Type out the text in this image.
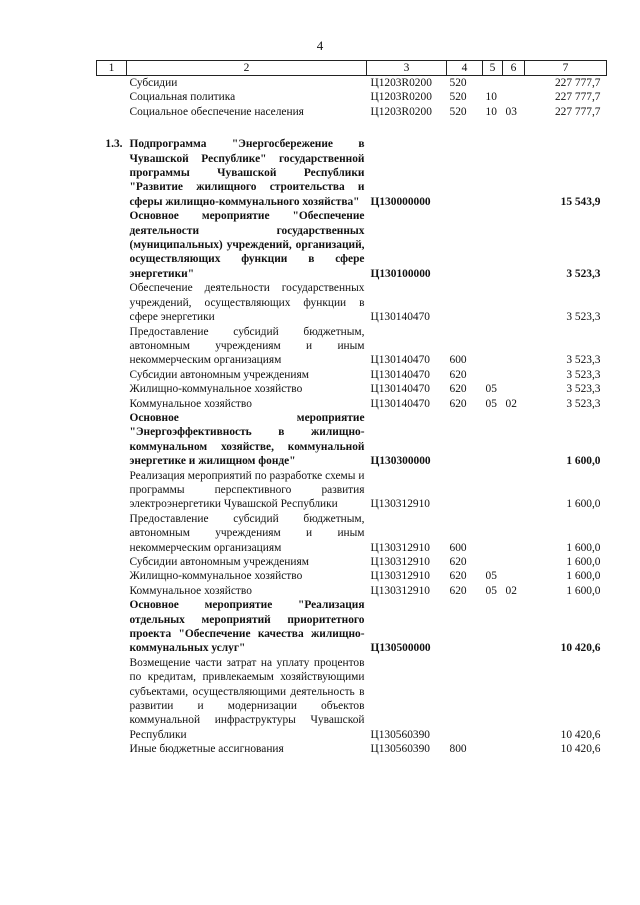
4
1	2	3	4	5	6	7
	Субсидии	Ц1203R0200	520			227 777,7
	Социальная политика	Ц1203R0200	520	10		227 777,7
	Социальное обеспечение населения	Ц1203R0200	520	10	03	227 777,7

1.3.	Подпрограмма "Энергосбережение в Чувашской Республике" государственной программы Чувашской Республики "Развитие жилищного строительства и сферы жилищно-коммунального хозяйства"	Ц130000000				15 543,9
	Основное мероприятие "Обеспечение деятельности государственных (муниципальных) учреждений, организаций, осуществляющих функции в сфере энергетики"	Ц130100000				3 523,3
	Обеспечение деятельности государственных учреждений, осуществляющих функции в сфере энергетики	Ц130140470				3 523,3
	Предоставление субсидий бюджетным, автономным учреждениям и иным некоммерческим организациям	Ц130140470	600			3 523,3
	Субсидии автономным учреждениям	Ц130140470	620			3 523,3
	Жилищно-коммунальное хозяйство	Ц130140470	620	05		3 523,3
	Коммунальное хозяйство	Ц130140470	620	05	02	3 523,3
	Основное мероприятие "Энергоэффективность в жилищно-коммунальном хозяйстве, коммунальной энергетике и жилищном фонде"	Ц130300000				1 600,0
	Реализация мероприятий по разработке схемы и программы перспективного развития электроэнергетики Чувашской Республики	Ц130312910				1 600,0
	Предоставление субсидий бюджетным, автономным учреждениям и иным некоммерческим организациям	Ц130312910	600			1 600,0
	Субсидии автономным учреждениям	Ц130312910	620			1 600,0
	Жилищно-коммунальное хозяйство	Ц130312910	620	05		1 600,0
	Коммунальное хозяйство	Ц130312910	620	05	02	1 600,0
	Основное мероприятие "Реализация отдельных мероприятий приоритетного проекта "Обеспечение качества жилищно-коммунальных услуг"	Ц130500000				10 420,6
	Возмещение части затрат на уплату процентов по кредитам, привлекаемым хозяйствующими субъектами, осуществляющими деятельность в развитии и модернизации объектов коммунальной инфраструктуры Чувашской Республики	Ц130560390				10 420,6
	Иные бюджетные ассигнования	Ц130560390	800			10 420,6
